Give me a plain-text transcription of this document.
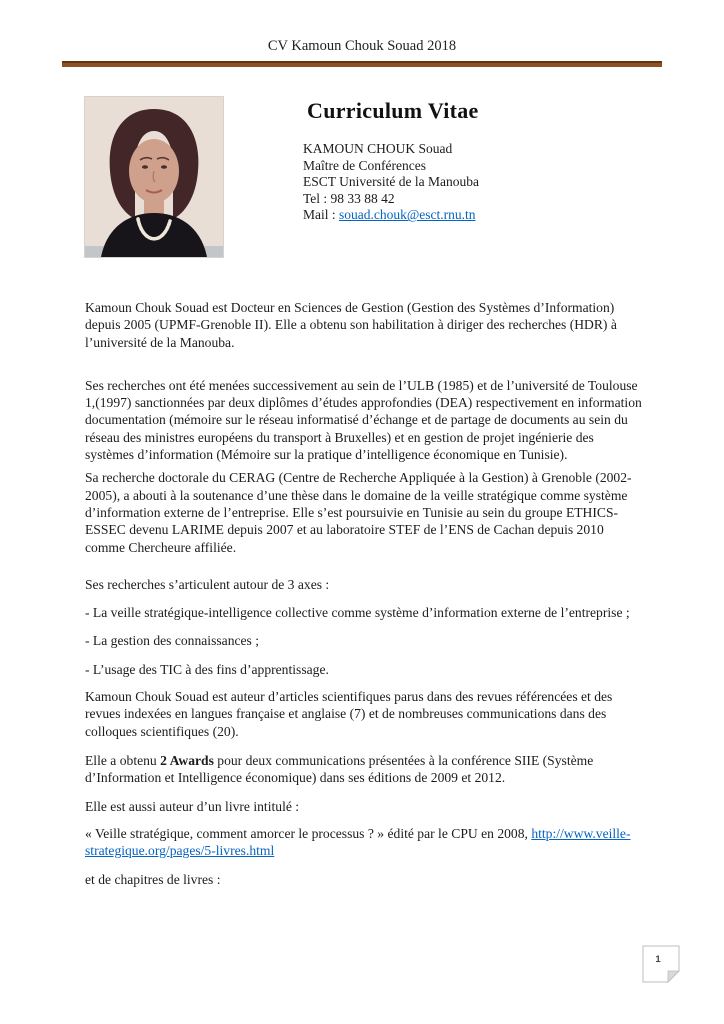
CV Kamoun Chouk Souad 2018
Curriculum Vitae
KAMOUN CHOUK Souad
Maître de Conférences
ESCT Université de la Manouba
Tel : 98 33 88 42
Mail : souad.chouk@esct.rnu.tn

Kamoun Chouk Souad est Docteur en Sciences de Gestion (Gestion des Systèmes d’Information) depuis 2005 (UPMF-Grenoble II). Elle a obtenu son habilitation à diriger des recherches (HDR) à l’université de la Manouba.

Ses recherches ont été menées successivement au sein de l’ULB (1985) et de l’université de Toulouse 1,(1997) sanctionnées par deux diplômes d’études approfondies (DEA) respectivement en information documentation (mémoire sur le réseau informatisé d’échange et de partage de documents au sein du réseau des ministres européens du transport à Bruxelles) et en gestion de projet ingénierie des systèmes d’information (Mémoire sur la pratique d’intelligence économique en Tunisie).

Sa recherche doctorale du CERAG (Centre de Recherche Appliquée à la Gestion) à Grenoble (2002-2005), a abouti à la soutenance d’une thèse dans le domaine de la veille stratégique comme système d’information externe de l’entreprise. Elle s’est poursuivie en Tunisie au sein du groupe ETHICS-ESSEC devenu LARIME depuis 2007 et au laboratoire STEF de l’ENS de Cachan depuis 2010 comme Chercheure affiliée.

Ses recherches s’articulent autour de 3 axes :

- La veille stratégique-intelligence collective comme système d’information externe de l’entreprise ;

- La gestion des connaissances ;

- L’usage des TIC à des fins d’apprentissage.

Kamoun Chouk Souad est auteur d’articles scientifiques parus dans des revues référencées et des revues indexées en langues française et anglaise (7) et de nombreuses communications dans des colloques scientifiques (20).

Elle a obtenu 2 Awards pour deux communications présentées à la conférence SIIE (Système d’Information et Intelligence économique) dans ses éditions de 2009 et 2012.

Elle est aussi auteur d’un livre intitulé :

« Veille stratégique, comment amorcer le processus ? » édité par le CPU en 2008, http://www.veille-strategique.org/pages/5-livres.html

et de chapitres de livres :

1
